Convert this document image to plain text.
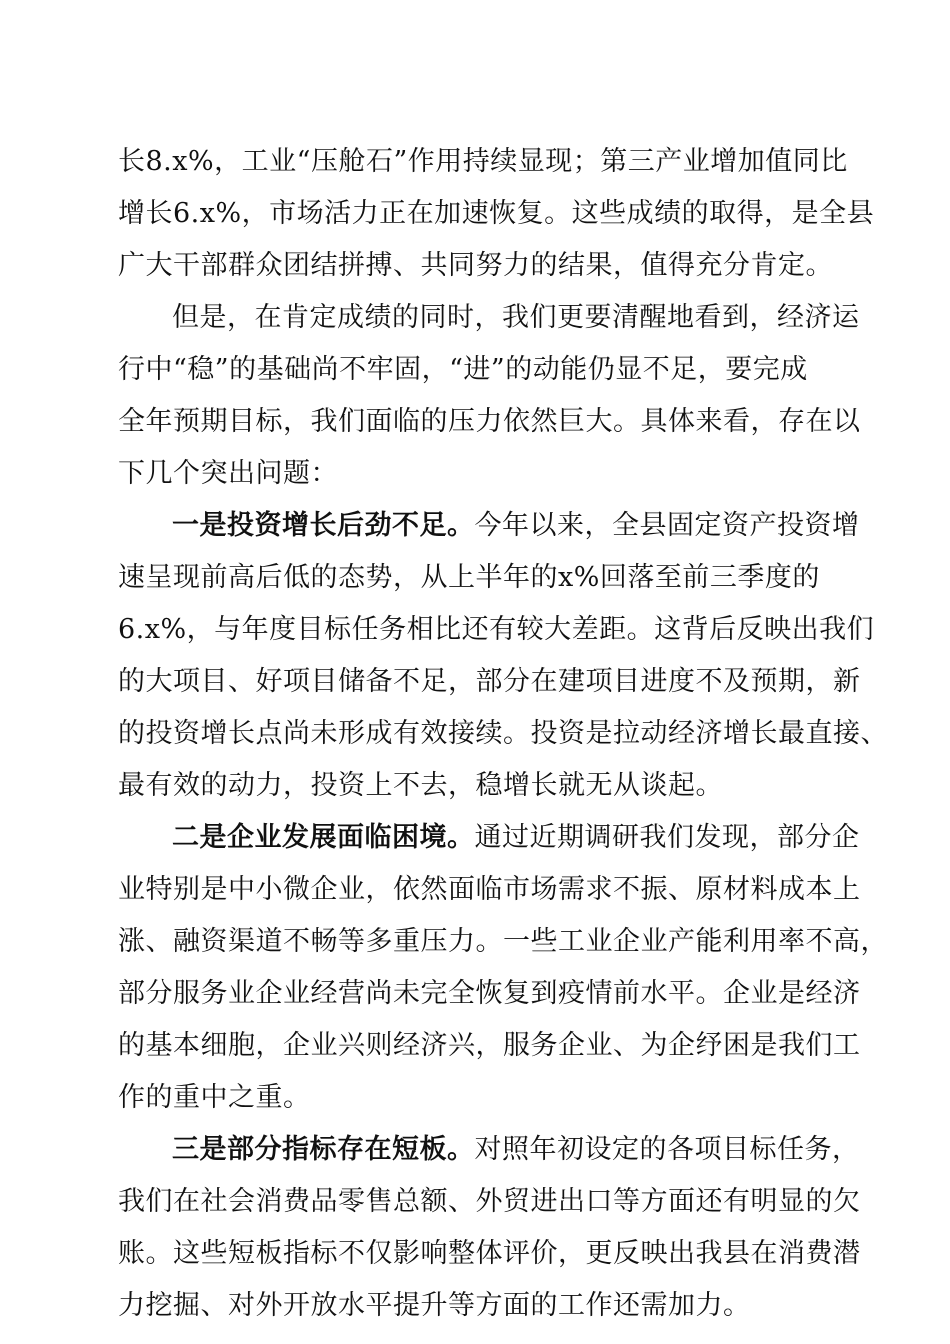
长8.x%，工业“压舱石”作用持续显现；第三产业增加值同比
增长6.x%，市场活力正在加速恢复。这些成绩的取得，是全县
广大干部群众团结拼搏、共同努力的结果，值得充分肯定。
但是，在肯定成绩的同时，我们更要清醒地看到，经济运
行中“稳”的基础尚不牢固，“进”的动能仍显不足，要完成
全年预期目标，我们面临的压力依然巨大。具体来看，存在以
下几个突出问题：
一是投资增长后劲不足。今年以来，全县固定资产投资增
速呈现前高后低的态势，从上半年的x%回落至前三季度的
6.x%，与年度目标任务相比还有较大差距。这背后反映出我们
的大项目、好项目储备不足，部分在建项目进度不及预期，新
的投资增长点尚未形成有效接续。投资是拉动经济增长最直接、
最有效的动力，投资上不去，稳增长就无从谈起。
二是企业发展面临困境。通过近期调研我们发现，部分企
业特别是中小微企业，依然面临市场需求不振、原材料成本上
涨、融资渠道不畅等多重压力。一些工业企业产能利用率不高，
部分服务业企业经营尚未完全恢复到疫情前水平。企业是经济
的基本细胞，企业兴则经济兴，服务企业、为企纾困是我们工
作的重中之重。
三是部分指标存在短板。对照年初设定的各项目标任务，
我们在社会消费品零售总额、外贸进出口等方面还有明显的欠
账。这些短板指标不仅影响整体评价，更反映出我县在消费潜
力挖掘、对外开放水平提升等方面的工作还需加力。
